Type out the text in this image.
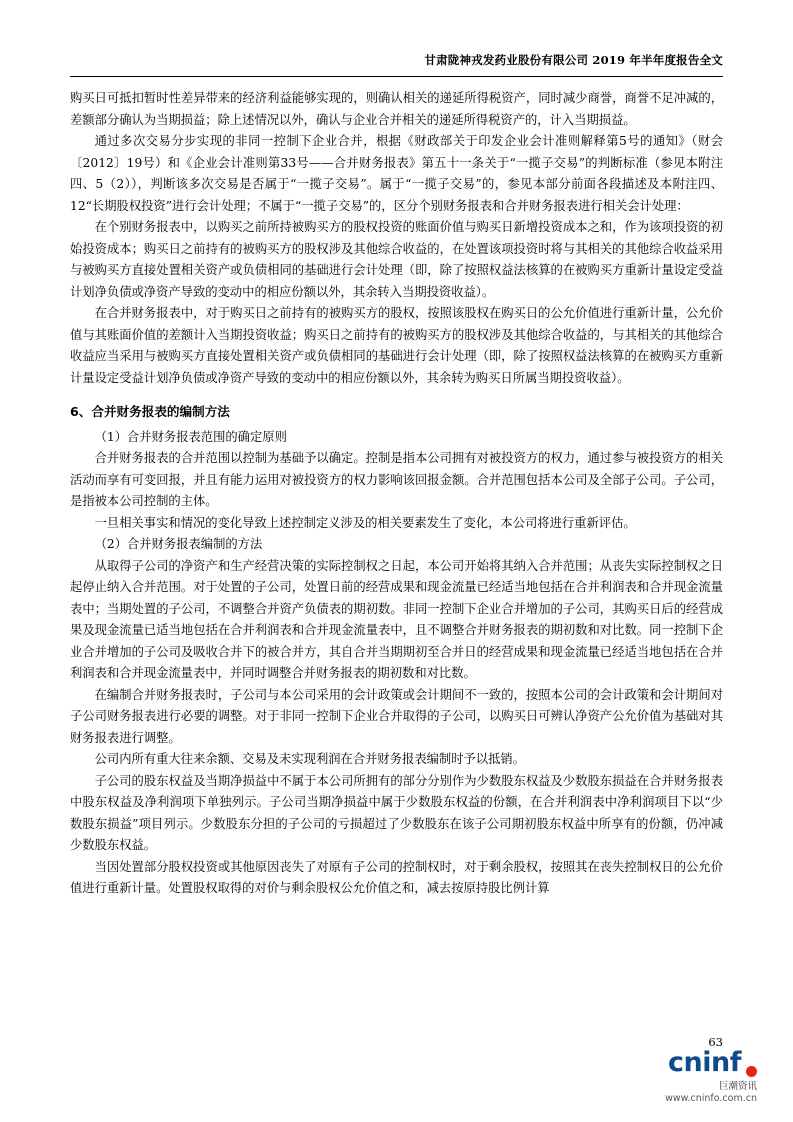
甘肃陇神戎发药业股份有限公司 2019 年半年度报告全文

购买日可抵扣暂时性差异带来的经济利益能够实现的，则确认相关的递延所得税资产，同时减少商誉，商誉不足冲减的，差额部分确认为当期损益；除上述情况以外，确认与企业合并相关的递延所得税资产的，计入当期损益。

通过多次交易分步实现的非同一控制下企业合并，根据《财政部关于印发企业会计准则解释第5号的通知》（财会〔2012〕19号）和《企业会计准则第33号——合并财务报表》第五十一条关于“一揽子交易”的判断标准（参见本附注四、5（2）），判断该多次交易是否属于“一揽子交易”。属于“一揽子交易”的，参见本部分前面各段描述及本附注四、12“长期股权投资”进行会计处理；不属于“一揽子交易”的，区分个别财务报表和合并财务报表进行相关会计处理：

在个别财务报表中，以购买之前所持被购买方的股权投资的账面价值与购买日新增投资成本之和，作为该项投资的初始投资成本；购买日之前持有的被购买方的股权涉及其他综合收益的，在处置该项投资时将与其相关的其他综合收益采用与被购买方直接处置相关资产或负债相同的基础进行会计处理（即，除了按照权益法核算的在被购买方重新计量设定受益计划净负债或净资产导致的变动中的相应份额以外，其余转入当期投资收益）。

在合并财务报表中，对于购买日之前持有的被购买方的股权，按照该股权在购买日的公允价值进行重新计量，公允价值与其账面价值的差额计入当期投资收益；购买日之前持有的被购买方的股权涉及其他综合收益的，与其相关的其他综合收益应当采用与被购买方直接处置相关资产或负债相同的基础进行会计处理（即，除了按照权益法核算的在被购买方重新计量设定受益计划净负债或净资产导致的变动中的相应份额以外，其余转为购买日所属当期投资收益）。

6、合并财务报表的编制方法

（1）合并财务报表范围的确定原则

合并财务报表的合并范围以控制为基础予以确定。控制是指本公司拥有对被投资方的权力，通过参与被投资方的相关活动而享有可变回报，并且有能力运用对被投资方的权力影响该回报金额。合并范围包括本公司及全部子公司。子公司，是指被本公司控制的主体。

一旦相关事实和情况的变化导致上述控制定义涉及的相关要素发生了变化，本公司将进行重新评估。

（2）合并财务报表编制的方法

从取得子公司的净资产和生产经营决策的实际控制权之日起，本公司开始将其纳入合并范围；从丧失实际控制权之日起停止纳入合并范围。对于处置的子公司，处置日前的经营成果和现金流量已经适当地包括在合并利润表和合并现金流量表中；当期处置的子公司，不调整合并资产负债表的期初数。非同一控制下企业合并增加的子公司，其购买日后的经营成果及现金流量已适当地包括在合并利润表和合并现金流量表中，且不调整合并财务报表的期初数和对比数。同一控制下企业合并增加的子公司及吸收合并下的被合并方，其自合并当期期初至合并日的经营成果和现金流量已经适当地包括在合并利润表和合并现金流量表中，并同时调整合并财务报表的期初数和对比数。

在编制合并财务报表时，子公司与本公司采用的会计政策或会计期间不一致的，按照本公司的会计政策和会计期间对子公司财务报表进行必要的调整。对于非同一控制下企业合并取得的子公司，以购买日可辨认净资产公允价值为基础对其财务报表进行调整。

公司内所有重大往来余额、交易及未实现利润在合并财务报表编制时予以抵销。

子公司的股东权益及当期净损益中不属于本公司所拥有的部分分别作为少数股东权益及少数股东损益在合并财务报表中股东权益及净利润项下单独列示。子公司当期净损益中属于少数股东权益的份额，在合并利润表中净利润项目下以“少数股东损益”项目列示。少数股东分担的子公司的亏损超过了少数股东在该子公司期初股东权益中所享有的份额，仍冲减少数股东权益。

当因处置部分股权投资或其他原因丧失了对原有子公司的控制权时，对于剩余股权，按照其在丧失控制权日的公允价值进行重新计量。处置股权取得的对价与剩余股权公允价值之和，减去按原持股比例计算

63
cninf
巨潮资讯
www.cninfo.com.cn
